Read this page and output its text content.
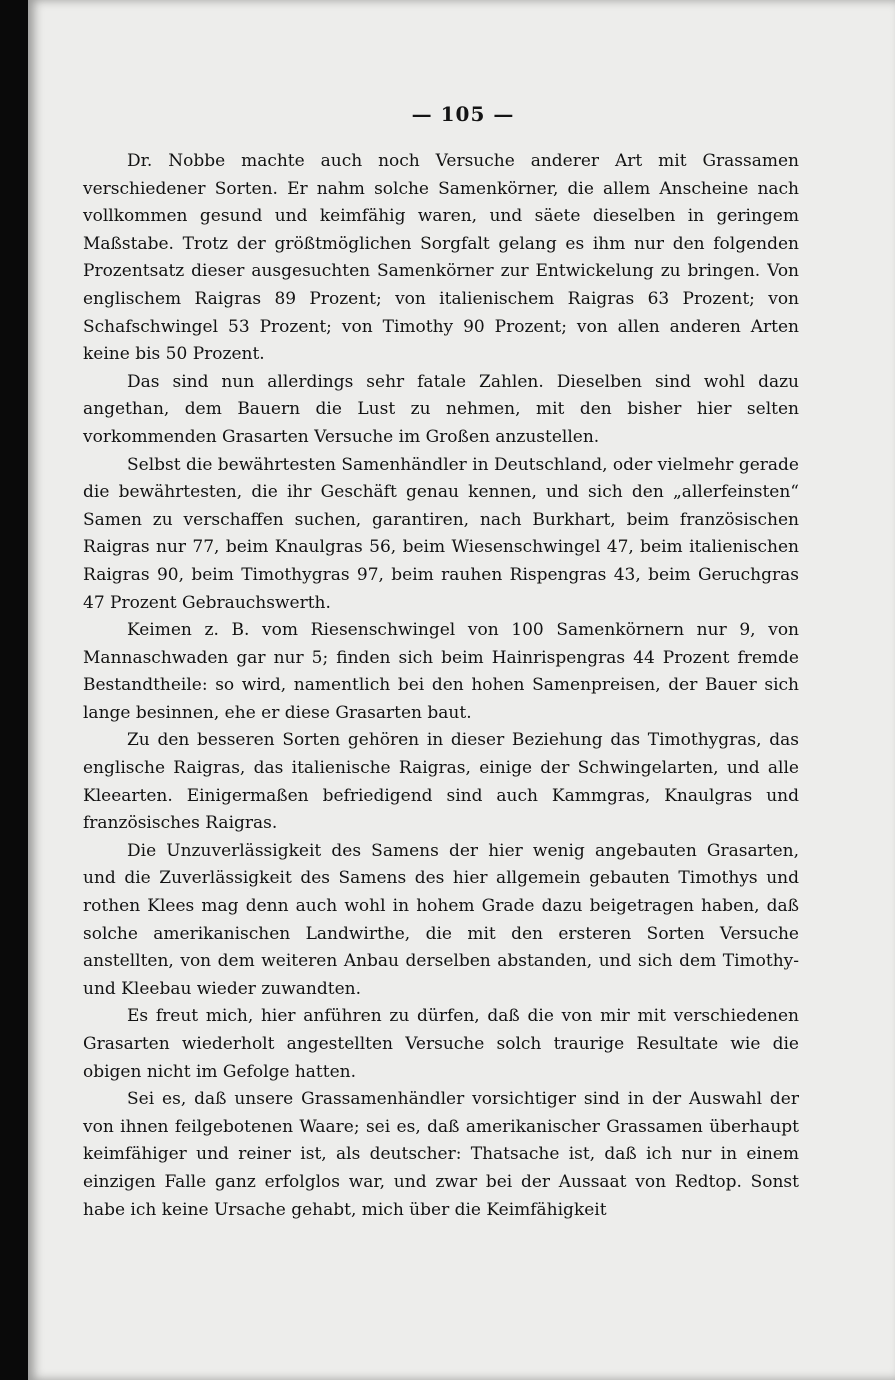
— 105 —

Dr. Nobbe machte auch noch Versuche anderer Art mit Grassamen verschiedener Sorten. Er nahm solche Samenkörner, die allem Anscheine nach vollkommen gesund und keimfähig waren, und säete dieselben in geringem Maßstabe. Trotz der größtmöglichen Sorgfalt gelang es ihm nur den folgenden Prozentsatz dieser ausgesuchten Samenkörner zur Entwickelung zu bringen. Von englischem Raigras 89 Prozent; von italienischem Raigras 63 Prozent; von Schafschwingel 53 Prozent; von Timothy 90 Prozent; von allen anderen Arten keine bis 50 Prozent.

Das sind nun allerdings sehr fatale Zahlen. Dieselben sind wohl dazu angethan, dem Bauern die Lust zu nehmen, mit den bisher hier selten vorkommenden Grasarten Versuche im Großen anzustellen.

Selbst die bewährtesten Samenhändler in Deutschland, oder vielmehr gerade die bewährtesten, die ihr Geschäft genau kennen, und sich den „allerfeinsten“ Samen zu verschaffen suchen, garantiren, nach Burkhart, beim französischen Raigras nur 77, beim Knaulgras 56, beim Wiesenschwingel 47, beim italienischen Raigras 90, beim Timothygras 97, beim rauhen Rispengras 43, beim Geruchgras 47 Prozent Gebrauchswerth.

Keimen z. B. vom Riesenschwingel von 100 Samenkörnern nur 9, von Mannaschwaden gar nur 5; finden sich beim Hainrispengras 44 Prozent fremde Bestandtheile: so wird, namentlich bei den hohen Samenpreisen, der Bauer sich lange besinnen, ehe er diese Grasarten baut.

Zu den besseren Sorten gehören in dieser Beziehung das Timothygras, das englische Raigras, das italienische Raigras, einige der Schwingelarten, und alle Kleearten. Einigermaßen befriedigend sind auch Kammgras, Knaulgras und französisches Raigras.

Die Unzuverlässigkeit des Samens der hier wenig angebauten Grasarten, und die Zuverlässigkeit des Samens des hier allgemein gebauten Timothys und rothen Klees mag denn auch wohl in hohem Grade dazu beigetragen haben, daß solche amerikanischen Landwirthe, die mit den ersteren Sorten Versuche anstellten, von dem weiteren Anbau derselben abstanden, und sich dem Timothy- und Kleebau wieder zuwandten.

Es freut mich, hier anführen zu dürfen, daß die von mir mit verschiedenen Grasarten wiederholt angestellten Versuche solch traurige Resultate wie die obigen nicht im Gefolge hatten.

Sei es, daß unsere Grassamenhändler vorsichtiger sind in der Auswahl der von ihnen feilgebotenen Waare; sei es, daß amerikanischer Grassamen überhaupt keimfähiger und reiner ist, als deutscher: Thatsache ist, daß ich nur in einem einzigen Falle ganz erfolglos war, und zwar bei der Aussaat von Redtop. Sonst habe ich keine Ursache gehabt, mich über die Keimfähigkeit
